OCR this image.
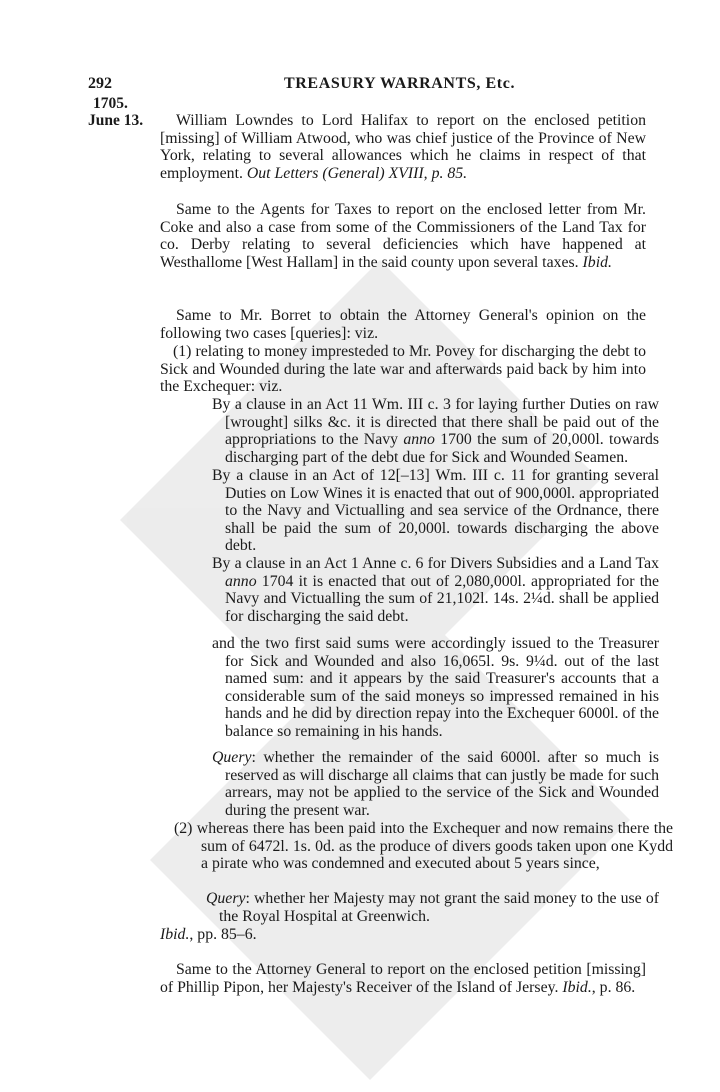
292	TREASURY WARRANTS, Etc.
1705.
June 13.	William Lowndes to Lord Halifax to report on the enclosed petition [missing] of William Atwood, who was chief justice of the Province of New York, relating to several allowances which he claims in respect of that employment. Out Letters (General) XVIII, p. 85.

Same to the Agents for Taxes to report on the enclosed letter from Mr. Coke and also a case from some of the Commissioners of the Land Tax for co. Derby relating to several deficiencies which have happened at Westhallome [West Hallam] in the said county upon several taxes. Ibid.

Same to Mr. Borret to obtain the Attorney General's opinion on the following two cases [queries]: viz.

(1) relating to money impresteded to Mr. Povey for discharging the debt to Sick and Wounded during the late war and afterwards paid back by him into the Exchequer: viz.

By a clause in an Act 11 Wm. III c. 3 for laying further Duties on raw [wrought] silks &c. it is directed that there shall be paid out of the appropriations to the Navy anno 1700 the sum of 20,000l. towards discharging part of the debt due for Sick and Wounded Seamen.

By a clause in an Act of 12[–13] Wm. III c. 11 for granting several Duties on Low Wines it is enacted that out of 900,000l. appropriated to the Navy and Victualling and sea service of the Ordnance, there shall be paid the sum of 20,000l. towards discharging the above debt.

By a clause in an Act 1 Anne c. 6 for Divers Subsidies and a Land Tax anno 1704 it is enacted that out of 2,080,000l. appropriated for the Navy and Victualling the sum of 21,102l. 14s. 2¼d. shall be applied for discharging the said debt.

and the two first said sums were accordingly issued to the Treasurer for Sick and Wounded and also 16,065l. 9s. 9¼d. out of the last named sum: and it appears by the said Treasurer's accounts that a considerable sum of the said moneys so impressed remained in his hands and he did by direction repay into the Exchequer 6000l. of the balance so remaining in his hands.

Query: whether the remainder of the said 6000l. after so much is reserved as will discharge all claims that can justly be made for such arrears, may not be applied to the service of the Sick and Wounded during the present war.

(2) whereas there has been paid into the Exchequer and now remains there the sum of 6472l. 1s. 0d. as the produce of divers goods taken upon one Kydd a pirate who was condemned and executed about 5 years since,

Query: whether her Majesty may not grant the said money to the use of the Royal Hospital at Greenwich.

Ibid., pp. 85–6.

Same to the Attorney General to report on the enclosed petition [missing] of Phillip Pipon, her Majesty's Receiver of the Island of Jersey. Ibid., p. 86.
